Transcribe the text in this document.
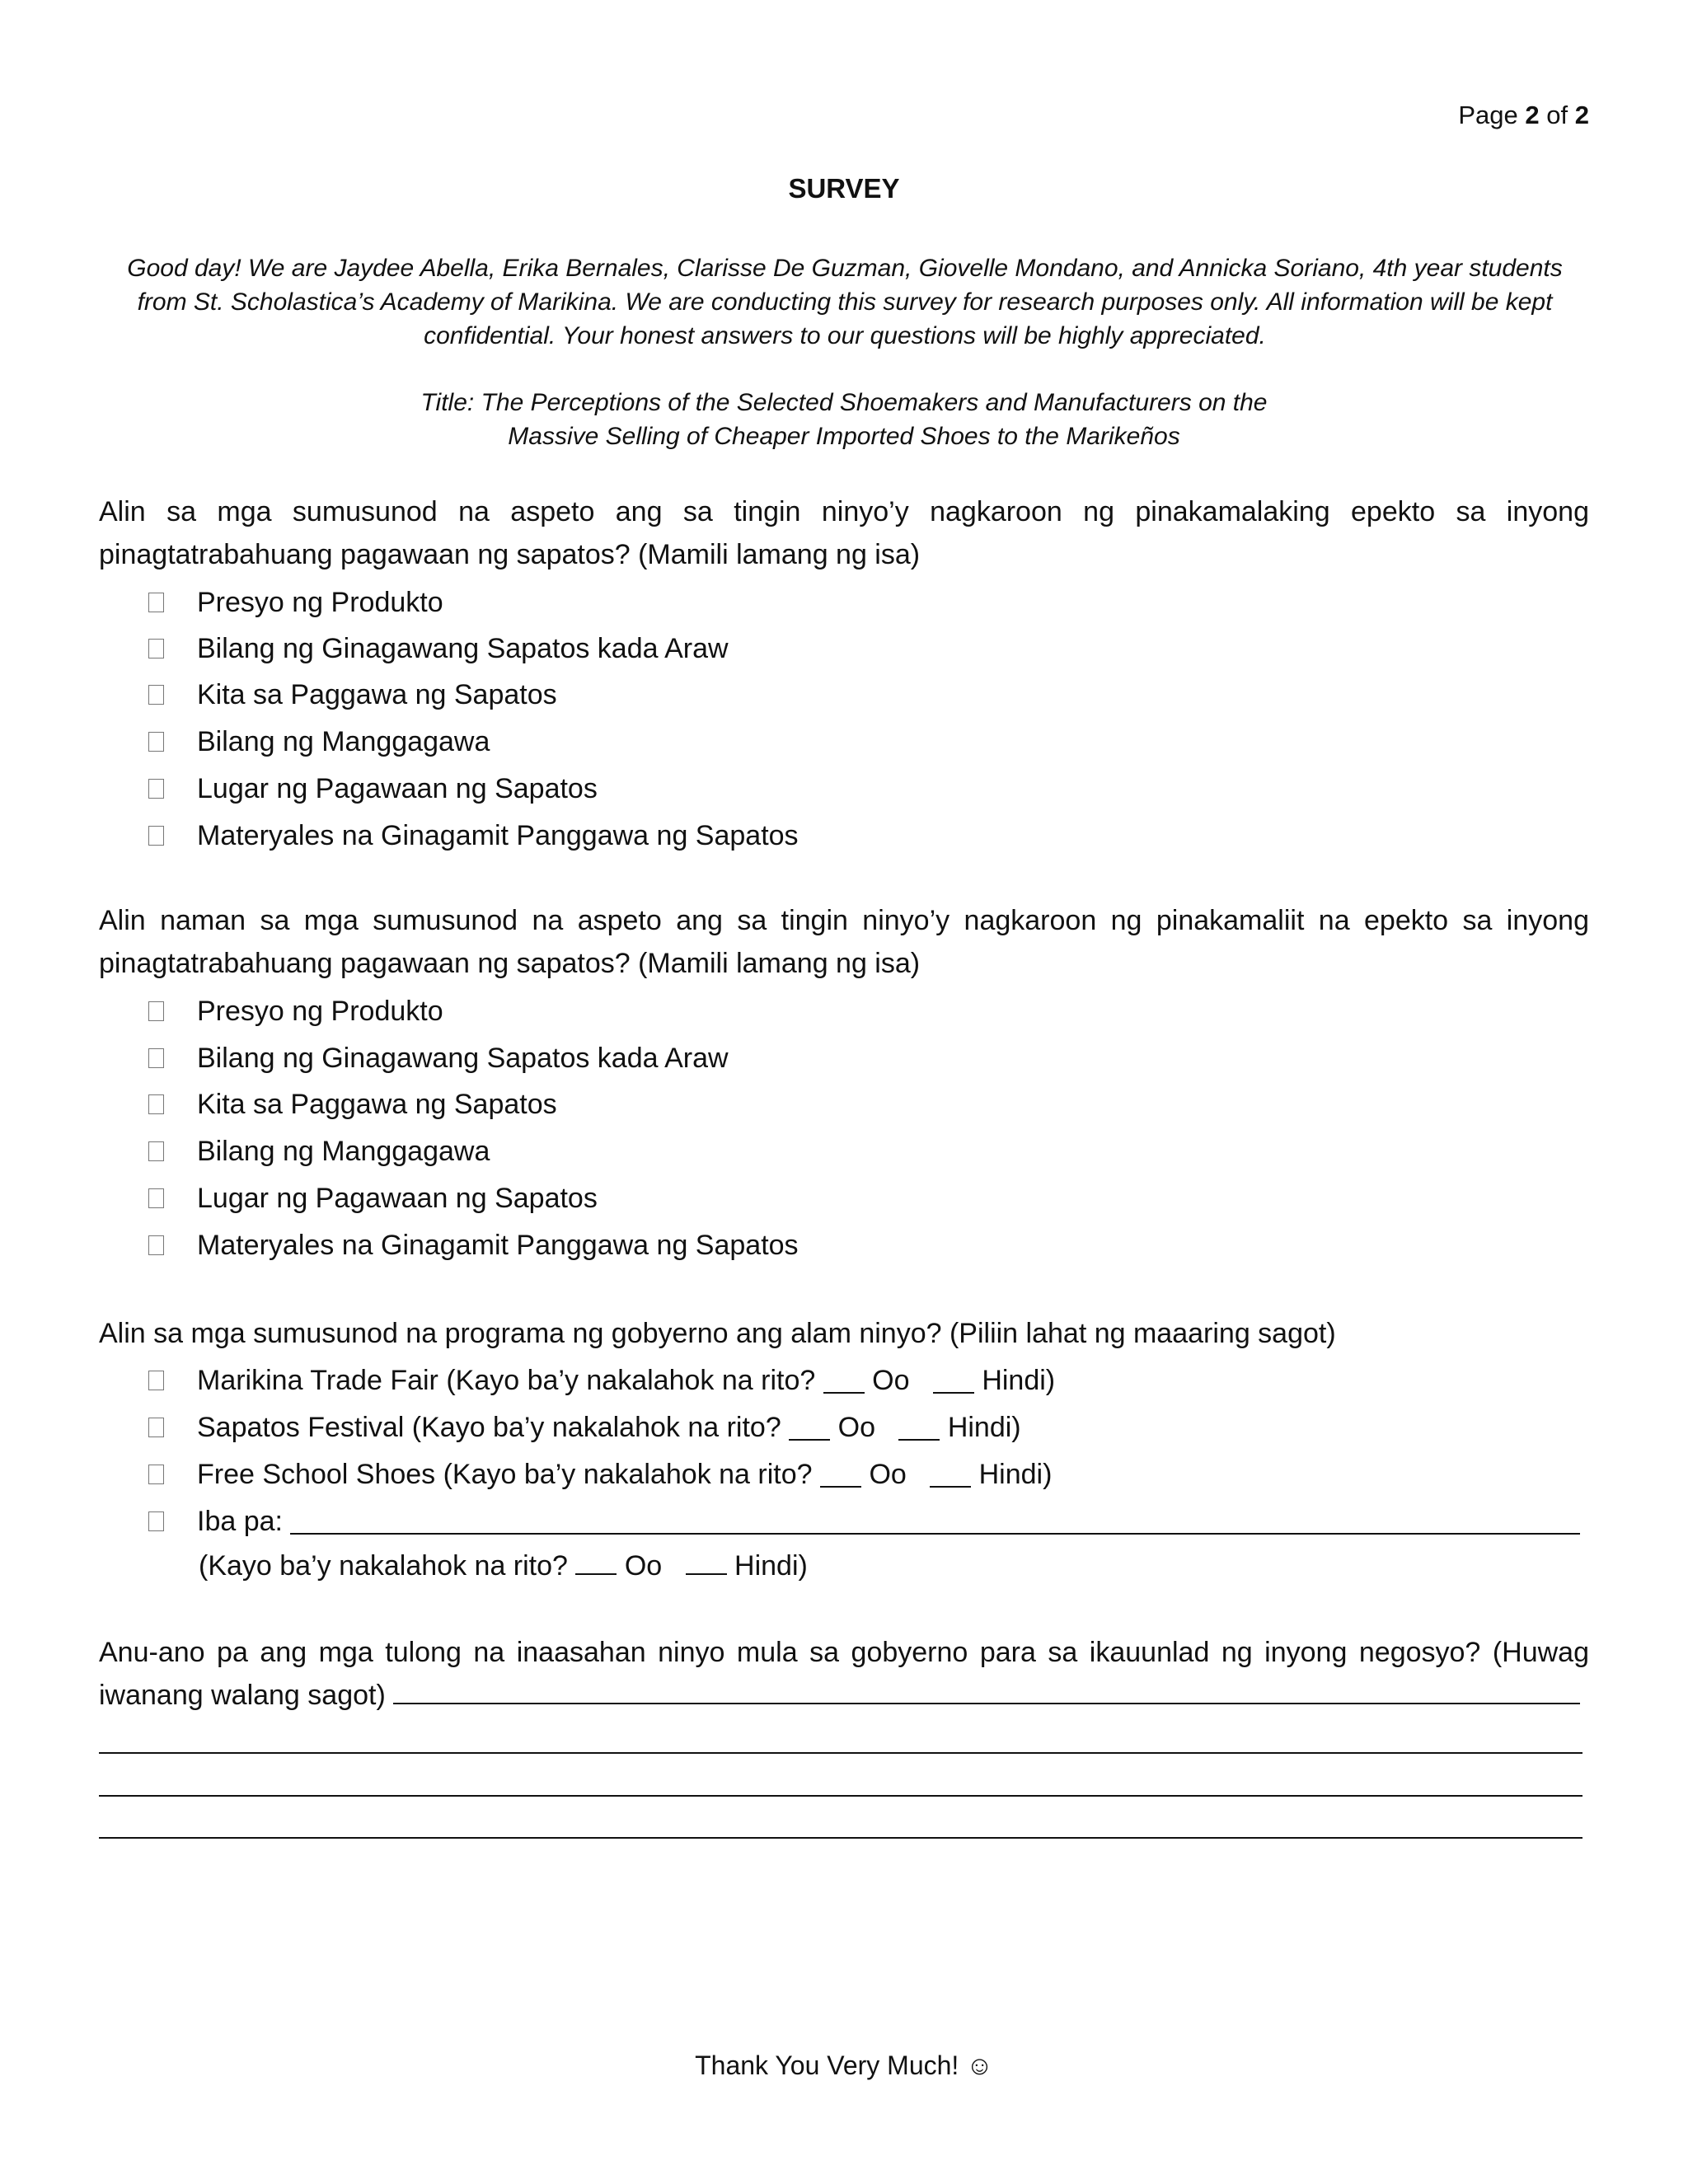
Page 2 of 2
SURVEY
Good day! We are Jaydee Abella, Erika Bernales, Clarisse De Guzman, Giovelle Mondano, and Annicka Soriano, 4th year students from St. Scholastica’s Academy of Marikina. We are conducting this survey for research purposes only. All information will be kept confidential. Your honest answers to our questions will be highly appreciated.
Title: The Perceptions of the Selected Shoemakers and Manufacturers on the
Massive Selling of Cheaper Imported Shoes to the Marikeños
Alin sa mga sumusunod na aspeto ang sa tingin ninyo’y nagkaroon ng pinakamalaking epekto sa inyong pinagtatrabahuang pagawaan ng sapatos? (Mamili lamang ng isa)
Presyo ng Produkto
Bilang ng Ginagawang Sapatos kada Araw
Kita sa Paggawa ng Sapatos
Bilang ng Manggagawa
Lugar ng Pagawaan ng Sapatos
Materyales na Ginagamit Panggawa ng Sapatos
Alin naman sa mga sumusunod na aspeto ang sa tingin ninyo’y nagkaroon ng pinakamaliit na epekto sa inyong pinagtatrabahuang pagawaan ng sapatos? (Mamili lamang ng isa)
Presyo ng Produkto
Bilang ng Ginagawang Sapatos kada Araw
Kita sa Paggawa ng Sapatos
Bilang ng Manggagawa
Lugar ng Pagawaan ng Sapatos
Materyales na Ginagamit Panggawa ng Sapatos
Alin sa mga sumusunod na programa ng gobyerno ang alam ninyo? (Piliin lahat ng maaaring sagot)
Marikina Trade Fair (Kayo ba’y nakalahok na rito?

Oo

	Hindi)
Sapatos Festival (Kayo ba’y nakalahok na rito?

Oo

	Hindi)
Free School Shoes (Kayo ba’y nakalahok na rito?

Oo

	Hindi)
Iba pa:

(Kayo ba’y nakalahok na rito? Oo	Hindi)
Anu-ano pa ang mga tulong na inaasahan ninyo mula sa gobyerno para sa ikauunlad ng inyong negosyo? (Huwag
iwanang walang sagot)
Thank You Very Much! ☺
